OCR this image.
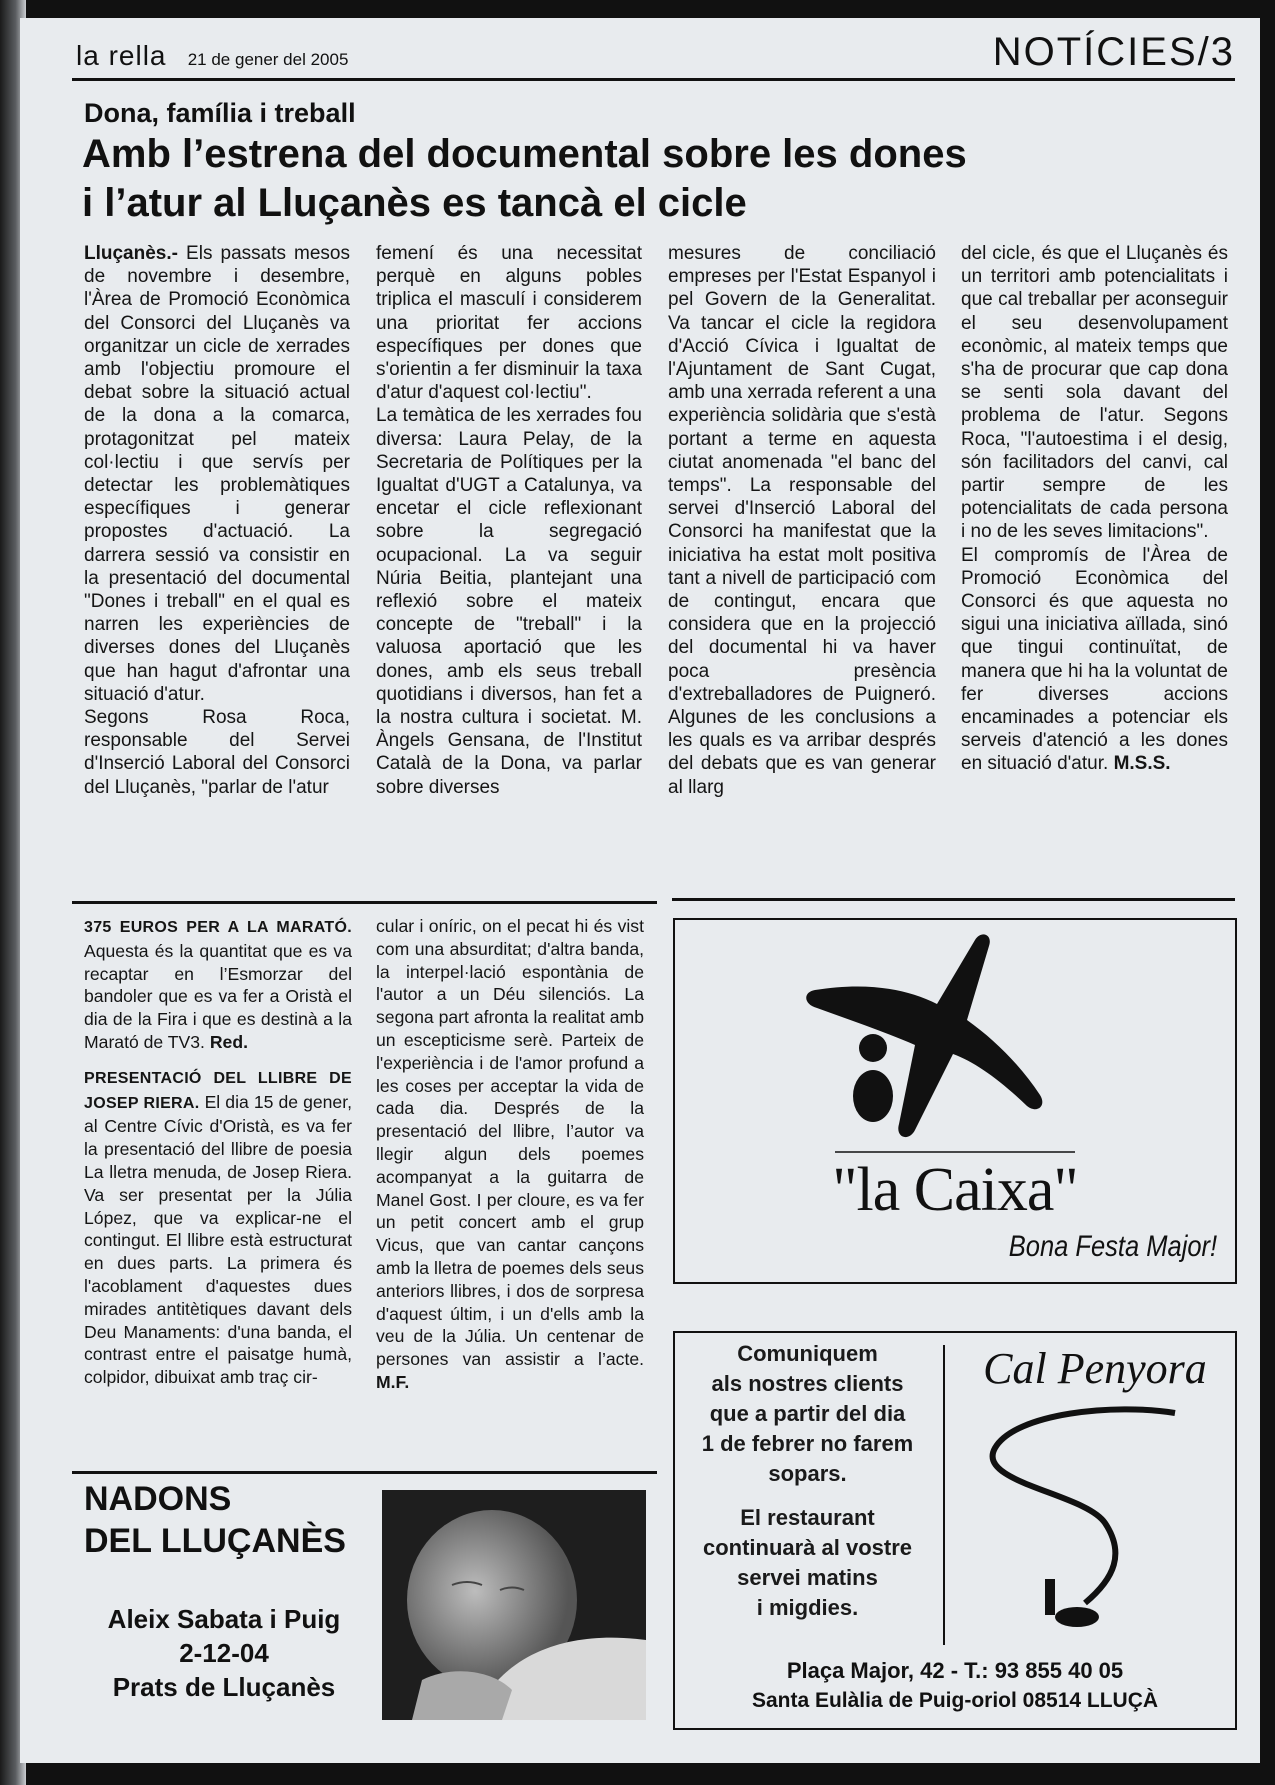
la rella 21 de gener del 2005	NOTÍCIES/3
Dona, família i treball
Amb l’estrena del documental sobre les dones
i l’atur al Lluçanès es tancà el cicle

Lluçanès.- Els passats mesos de novembre i desembre, l'Àrea de Promoció Econòmica del Consorci del Lluçanès va organitzar un cicle de xerrades amb l'objectiu promoure el debat sobre la situació actual de la dona a la comarca, protagonitzat pel mateix col·lectiu i que servís per detectar les problemàtiques específiques i generar propostes d'actuació. La darrera sessió va consistir en la presentació del documental "Dones i treball" en el qual es narren les experiències de diverses dones del Lluçanès que han hagut d'afrontar una situació d'atur.

Segons Rosa Roca, responsable del Servei d'Inserció Laboral del Consorci del Lluçanès, "parlar de l'atur

femení és una necessitat perquè en alguns pobles triplica el masculí i considerem una prioritat fer accions específiques per dones que s'orientin a fer disminuir la taxa d'atur d'aquest col·lectiu".

La temàtica de les xerrades fou diversa: Laura Pelay, de la Secretaria de Polítiques per la Igualtat d'UGT a Catalunya, va encetar el cicle reflexionant sobre la segregació ocupacional. La va seguir Núria Beitia, plantejant una reflexió sobre el mateix concepte de "treball" i la valuosa aportació que les dones, amb els seus treball quotidians i diversos, han fet a la nostra cultura i societat. M. Àngels Gensana, de l'Institut Català de la Dona, va parlar sobre diverses

mesures de conciliació empreses per l'Estat Espanyol i pel Govern de la Generalitat. Va tancar el cicle la regidora d'Acció Cívica i Igualtat de l'Ajuntament de Sant Cugat, amb una xerrada referent a una experiència solidària que s'està portant a terme en aquesta ciutat anomenada "el banc del temps". La responsable del servei d'Inserció Laboral del Consorci ha manifestat que la iniciativa ha estat molt positiva tant a nivell de participació com de contingut, encara que considera que en la projecció del documental hi va haver poca presència d'extreballadores de Puigneró. Algunes de les conclusions a les quals es va arribar després del debats que es van generar al llarg

del cicle, és que el Lluçanès és un territori amb potencialitats i que cal treballar per aconseguir el seu desenvolupament econòmic, al mateix temps que s'ha de procurar que cap dona se senti sola davant del problema de l'atur. Segons Roca, "l'autoestima i el desig, són facilitadors del canvi, cal partir sempre de les potencialitats de cada persona i no de les seves limitacions".

El compromís de l'Àrea de Promoció Econòmica del Consorci és que aquesta no sigui una iniciativa aïllada, sinó que tingui continuïtat, de manera que hi ha la voluntat de fer diverses accions encaminades a potenciar els serveis d'atenció a les dones en situació d'atur. M.S.S.

375 EUROS PER A LA MARATÓ. Aquesta és la quantitat que es va recaptar en l’Esmorzar del bandoler que es va fer a Oristà el dia de la Fira i que es destinà a la Marató de TV3. Red.

PRESENTACIÓ DEL LLIBRE DE JOSEP RIERA. El dia 15 de gener, al Centre Cívic d'Oristà, es va fer la presentació del llibre de poesia La lletra menuda, de Josep Riera. Va ser presentat per la Júlia López, que va explicar-ne el contingut. El llibre està estructurat en dues parts. La primera és l'acoblament d'aquestes dues mirades antitètiques davant dels Deu Manaments: d'una banda, el contrast entre el paisatge humà, colpidor, dibuixat amb traç cir-

cular i oníric, on el pecat hi és vist com una absurditat; d'altra banda, la interpel·lació espontània de l'autor a un Déu silenciós. La segona part afronta la realitat amb un escepticisme serè. Parteix de l'experiència i de l'amor profund a les coses per acceptar la vida de cada dia. Després de la presentació del llibre, l’autor va llegir algun dels poemes acompanyat a la guitarra de Manel Gost. I per cloure, es va fer un petit concert amb el grup Vicus, que van cantar cançons amb la lletra de poemes dels seus anteriors llibres, i dos de sorpresa d'aquest últim, i un d'ells amb la veu de la Júlia. Un centenar de persones van assistir a l’acte. M.F.

NADONS
DEL LLUÇANÈS
Aleix Sabata i Puig
2-12-04
Prats de Lluçanès
"la Caixa"
Bona Festa Major!
Comuniquem
als nostres clients
que a partir del dia
1 de febrer no farem
sopars.
El restaurant
continuarà al vostre
servei matins
i migdies.
Cal Penyora
Plaça Major, 42 - T.: 93 855 40 05
Santa Eulàlia de Puig-oriol 08514 LLUÇÀ
